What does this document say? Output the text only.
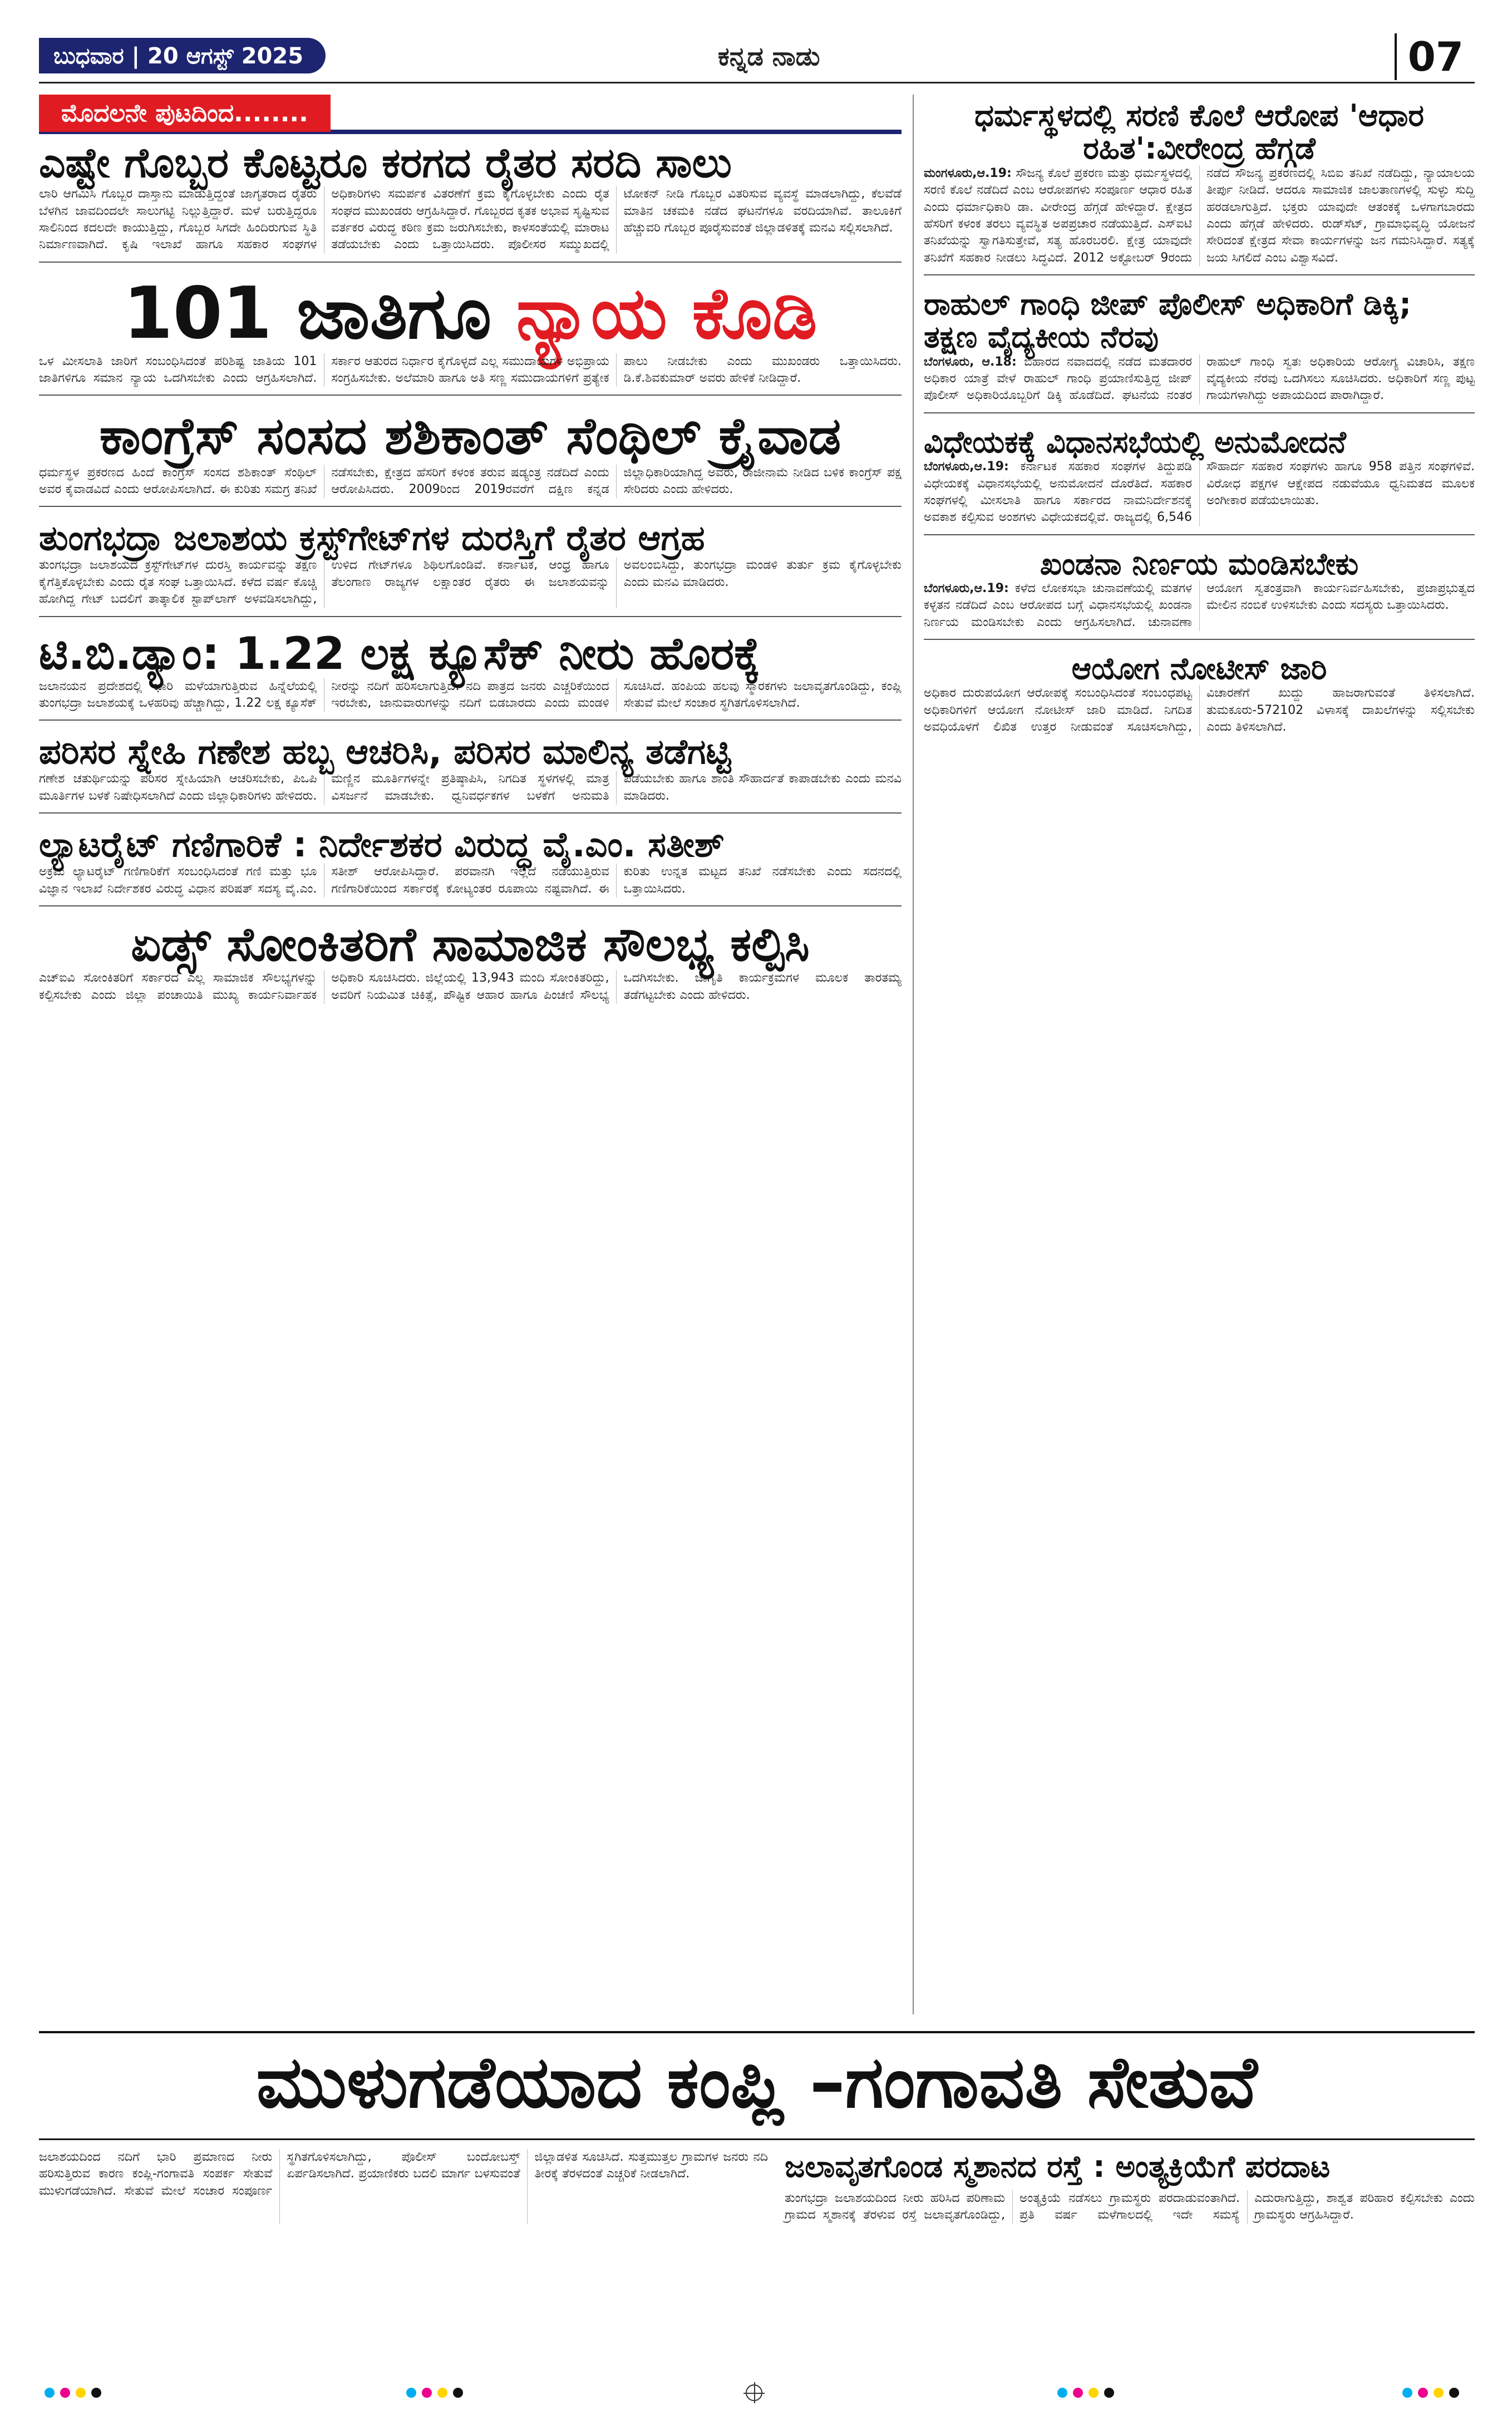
ಬುಧವಾರ | 20 ಆಗಸ್ಟ್ 2025	ಕನ್ನಡ ನಾಡು	07
ಮೊದಲನೇ ಪುಟದಿಂದ........
ಎಷ್ಟೇ ಗೊಬ್ಬರ ಕೊಟ್ಟರೂ ಕರಗದ ರೈತರ ಸರದಿ ಸಾಲು
ಲಾರಿ ಆಗಮಿಸಿ ಗೊಬ್ಬರ ದಾಸ್ತಾನು ಮಾಡುತ್ತಿದ್ದಂತೆ ಜಾಗೃತರಾದ ರೈತರು ಬೆಳಗಿನ ಜಾವದಿಂದಲೇ ಸಾಲುಗಟ್ಟಿ ನಿಲ್ಲುತ್ತಿದ್ದಾರೆ. ಮಳೆ ಬರುತ್ತಿದ್ದರೂ ಸಾಲಿನಿಂದ ಕದಲದೇ ಕಾಯುತ್ತಿದ್ದು, ಗೊಬ್ಬರ ಸಿಗದೇ ಹಿಂದಿರುಗುವ ಸ್ಥಿತಿ ನಿರ್ಮಾಣವಾಗಿದೆ. ಕೃಷಿ ಇಲಾಖೆ ಹಾಗೂ ಸಹಕಾರ ಸಂಘಗಳ ಅಧಿಕಾರಿಗಳು ಸಮರ್ಪಕ ವಿತರಣೆಗೆ ಕ್ರಮ ಕೈಗೊಳ್ಳಬೇಕು ಎಂದು ರೈತ ಸಂಘದ ಮುಖಂಡರು ಆಗ್ರಹಿಸಿದ್ದಾರೆ. ಗೊಬ್ಬರದ ಕೃತಕ ಅಭಾವ ಸೃಷ್ಟಿಸುವ ವರ್ತಕರ ವಿರುದ್ಧ ಕಠಿಣ ಕ್ರಮ ಜರುಗಿಸಬೇಕು, ಕಾಳಸಂತೆಯಲ್ಲಿ ಮಾರಾಟ ತಡೆಯಬೇಕು ಎಂದು ಒತ್ತಾಯಿಸಿದರು. ಪೊಲೀಸರ ಸಮ್ಮುಖದಲ್ಲಿ ಟೋಕನ್ ನೀಡಿ ಗೊಬ್ಬರ ವಿತರಿಸುವ ವ್ಯವಸ್ಥೆ ಮಾಡಲಾಗಿದ್ದು, ಕೆಲವೆಡೆ ಮಾತಿನ ಚಕಮಕಿ ನಡೆದ ಘಟನೆಗಳೂ ವರದಿಯಾಗಿವೆ. ತಾಲೂಕಿಗೆ ಹೆಚ್ಚುವರಿ ಗೊಬ್ಬರ ಪೂರೈಸುವಂತೆ ಜಿಲ್ಲಾಡಳಿತಕ್ಕೆ ಮನವಿ ಸಲ್ಲಿಸಲಾಗಿದೆ.
101 ಜಾತಿಗೂ ನ್ಯಾಯ ಕೊಡಿ
ಒಳ ಮೀಸಲಾತಿ ಜಾರಿಗೆ ಸಂಬಂಧಿಸಿದಂತೆ ಪರಿಶಿಷ್ಟ ಜಾತಿಯ 101 ಜಾತಿಗಳಿಗೂ ಸಮಾನ ನ್ಯಾಯ ಒದಗಿಸಬೇಕು ಎಂದು ಆಗ್ರಹಿಸಲಾಗಿದೆ. ಸರ್ಕಾರ ಆತುರದ ನಿರ್ಧಾರ ಕೈಗೊಳ್ಳದೆ ಎಲ್ಲ ಸಮುದಾಯಗಳ ಅಭಿಪ್ರಾಯ ಸಂಗ್ರಹಿಸಬೇಕು. ಅಲೆಮಾರಿ ಹಾಗೂ ಅತಿ ಸಣ್ಣ ಸಮುದಾಯಗಳಿಗೆ ಪ್ರತ್ಯೇಕ ಪಾಲು ನೀಡಬೇಕು ಎಂದು ಮುಖಂಡರು ಒತ್ತಾಯಿಸಿದರು. ಡಿ.ಕೆ.ಶಿವಕುಮಾರ್ ಅವರು ಹೇಳಿಕೆ ನೀಡಿದ್ದಾರೆ.
ಕಾಂಗ್ರೆಸ್ ಸಂಸದ ಶಶಿಕಾಂತ್ ಸೆಂಥಿಲ್ ಕ್ರೈವಾಡ
ಧರ್ಮಸ್ಥಳ ಪ್ರಕರಣದ ಹಿಂದೆ ಕಾಂಗ್ರೆಸ್ ಸಂಸದ ಶಶಿಕಾಂತ್ ಸೆಂಥಿಲ್ ಅವರ ಕೈವಾಡವಿದೆ ಎಂದು ಆರೋಪಿಸಲಾಗಿದೆ. ಈ ಕುರಿತು ಸಮಗ್ರ ತನಿಖೆ ನಡೆಸಬೇಕು, ಕ್ಷೇತ್ರದ ಹೆಸರಿಗೆ ಕಳಂಕ ತರುವ ಷಡ್ಯಂತ್ರ ನಡೆದಿದೆ ಎಂದು ಆರೋಪಿಸಿದರು. 2009ರಿಂದ 2019ರವರೆಗೆ ದಕ್ಷಿಣ ಕನ್ನಡ ಜಿಲ್ಲಾಧಿಕಾರಿಯಾಗಿದ್ದ ಅವರು, ರಾಜೀನಾಮೆ ನೀಡಿದ ಬಳಿಕ ಕಾಂಗ್ರೆಸ್ ಪಕ್ಷ ಸೇರಿದರು ಎಂದು ಹೇಳಿದರು.
ತುಂಗಭದ್ರಾ ಜಲಾಶಯ ಕ್ರಸ್ಟ್‌ಗೇಟ್‌ಗಳ ದುರಸ್ತಿಗೆ ರೈತರ ಆಗ್ರಹ
ತುಂಗಭದ್ರಾ ಜಲಾಶಯದ ಕ್ರಸ್ಟ್‌ಗೇಟ್‌ಗಳ ದುರಸ್ತಿ ಕಾರ್ಯವನ್ನು ತಕ್ಷಣ ಕೈಗೆತ್ತಿಕೊಳ್ಳಬೇಕು ಎಂದು ರೈತ ಸಂಘ ಒತ್ತಾಯಿಸಿದೆ. ಕಳೆದ ವರ್ಷ ಕೊಚ್ಚಿ ಹೋಗಿದ್ದ ಗೇಟ್ ಬದಲಿಗೆ ತಾತ್ಕಾಲಿಕ ಸ್ಟಾಪ್‌ಲಾಗ್ ಅಳವಡಿಸಲಾಗಿದ್ದು, ಉಳಿದ ಗೇಟ್‌ಗಳೂ ಶಿಥಿಲಗೊಂಡಿವೆ. ಕರ್ನಾಟಕ, ಆಂಧ್ರ ಹಾಗೂ ತೆಲಂಗಾಣ ರಾಜ್ಯಗಳ ಲಕ್ಷಾಂತರ ರೈತರು ಈ ಜಲಾಶಯವನ್ನು ಅವಲಂಬಿಸಿದ್ದು, ತುಂಗಭದ್ರಾ ಮಂಡಳಿ ತುರ್ತು ಕ್ರಮ ಕೈಗೊಳ್ಳಬೇಕು ಎಂದು ಮನವಿ ಮಾಡಿದರು.
ಟಿ.ಬಿ.ಡ್ಯಾಂ: 1.22 ಲಕ್ಷ ಕ್ಯೂಸೆಕ್ ನೀರು ಹೊರಕ್ಕೆ
ಜಲಾನಯನ ಪ್ರದೇಶದಲ್ಲಿ ಭಾರಿ ಮಳೆಯಾಗುತ್ತಿರುವ ಹಿನ್ನೆಲೆಯಲ್ಲಿ ತುಂಗಭದ್ರಾ ಜಲಾಶಯಕ್ಕೆ ಒಳಹರಿವು ಹೆಚ್ಚಾಗಿದ್ದು, 1.22 ಲಕ್ಷ ಕ್ಯೂಸೆಕ್ ನೀರನ್ನು ನದಿಗೆ ಹರಿಸಲಾಗುತ್ತಿದೆ. ನದಿ ಪಾತ್ರದ ಜನರು ಎಚ್ಚರಿಕೆಯಿಂದ ಇರಬೇಕು, ಜಾನುವಾರುಗಳನ್ನು ನದಿಗೆ ಬಿಡಬಾರದು ಎಂದು ಮಂಡಳಿ ಸೂಚಿಸಿದೆ. ಹಂಪಿಯ ಹಲವು ಸ್ಮಾರಕಗಳು ಜಲಾವೃತಗೊಂಡಿದ್ದು, ಕಂಪ್ಲಿ ಸೇತುವೆ ಮೇಲೆ ಸಂಚಾರ ಸ್ಥಗಿತಗೊಳಿಸಲಾಗಿದೆ.
ಪರಿಸರ ಸ್ನೇಹಿ ಗಣೇಶ ಹಬ್ಬ ಆಚರಿಸಿ, ಪರಿಸರ ಮಾಲಿನ್ಯ ತಡೆಗಟ್ಟಿ
ಗಣೇಶ ಚತುರ್ಥಿಯನ್ನು ಪರಿಸರ ಸ್ನೇಹಿಯಾಗಿ ಆಚರಿಸಬೇಕು, ಪಿಒಪಿ ಮೂರ್ತಿಗಳ ಬಳಕೆ ನಿಷೇಧಿಸಲಾಗಿದೆ ಎಂದು ಜಿಲ್ಲಾಧಿಕಾರಿಗಳು ಹೇಳಿದರು. ಮಣ್ಣಿನ ಮೂರ್ತಿಗಳನ್ನೇ ಪ್ರತಿಷ್ಠಾಪಿಸಿ, ನಿಗದಿತ ಸ್ಥಳಗಳಲ್ಲಿ ಮಾತ್ರ ವಿಸರ್ಜನೆ ಮಾಡಬೇಕು. ಧ್ವನಿವರ್ಧಕಗಳ ಬಳಕೆಗೆ ಅನುಮತಿ ಪಡೆಯಬೇಕು ಹಾಗೂ ಶಾಂತಿ ಸೌಹಾರ್ದತೆ ಕಾಪಾಡಬೇಕು ಎಂದು ಮನವಿ ಮಾಡಿದರು.
ಲ್ಯಾಟರೈಟ್ ಗಣಿಗಾರಿಕೆ : ನಿರ್ದೇಶಕರ ವಿರುದ್ಧ ವೈ.ಎಂ. ಸತೀಶ್
ಅಕ್ರಮ ಲ್ಯಾಟರೈಟ್ ಗಣಿಗಾರಿಕೆಗೆ ಸಂಬಂಧಿಸಿದಂತೆ ಗಣಿ ಮತ್ತು ಭೂ ವಿಜ್ಞಾನ ಇಲಾಖೆ ನಿರ್ದೇಶಕರ ವಿರುದ್ಧ ವಿಧಾನ ಪರಿಷತ್ ಸದಸ್ಯ ವೈ.ಎಂ. ಸತೀಶ್ ಆರೋಪಿಸಿದ್ದಾರೆ. ಪರವಾನಗಿ ಇಲ್ಲದೆ ನಡೆಯುತ್ತಿರುವ ಗಣಿಗಾರಿಕೆಯಿಂದ ಸರ್ಕಾರಕ್ಕೆ ಕೋಟ್ಯಂತರ ರೂಪಾಯಿ ನಷ್ಟವಾಗಿದೆ. ಈ ಕುರಿತು ಉನ್ನತ ಮಟ್ಟದ ತನಿಖೆ ನಡೆಸಬೇಕು ಎಂದು ಸದನದಲ್ಲಿ ಒತ್ತಾಯಿಸಿದರು.
ಏಡ್ಸ್ ಸೋಂಕಿತರಿಗೆ ಸಾಮಾಜಿಕ ಸೌಲಭ್ಯ ಕಲ್ಪಿಸಿ
ಎಚ್‌ಐವಿ ಸೋಂಕಿತರಿಗೆ ಸರ್ಕಾರದ ಎಲ್ಲ ಸಾಮಾಜಿಕ ಸೌಲಭ್ಯಗಳನ್ನು ಕಲ್ಪಿಸಬೇಕು ಎಂದು ಜಿಲ್ಲಾ ಪಂಚಾಯಿತಿ ಮುಖ್ಯ ಕಾರ್ಯನಿರ್ವಾಹಕ ಅಧಿಕಾರಿ ಸೂಚಿಸಿದರು. ಜಿಲ್ಲೆಯಲ್ಲಿ 13,943 ಮಂದಿ ಸೋಂಕಿತರಿದ್ದು, ಅವರಿಗೆ ನಿಯಮಿತ ಚಿಕಿತ್ಸೆ, ಪೌಷ್ಟಿಕ ಆಹಾರ ಹಾಗೂ ಪಿಂಚಣಿ ಸೌಲಭ್ಯ ಒದಗಿಸಬೇಕು. ಜಾಗೃತಿ ಕಾರ್ಯಕ್ರಮಗಳ ಮೂಲಕ ತಾರತಮ್ಯ ತಡೆಗಟ್ಟಬೇಕು ಎಂದು ಹೇಳಿದರು.
ಧರ್ಮಸ್ಥಳದಲ್ಲಿ ಸರಣಿ ಕೊಲೆ ಆರೋಪ 'ಆಧಾರ ರಹಿತ':ವೀರೇಂದ್ರ ಹೆಗ್ಗಡೆ
ಮಂಗಳೂರು,ಆ.19: ಸೌಜನ್ಯ ಕೊಲೆ ಪ್ರಕರಣ ಮತ್ತು ಧರ್ಮಸ್ಥಳದಲ್ಲಿ ಸರಣಿ ಕೊಲೆ ನಡೆದಿದೆ ಎಂಬ ಆರೋಪಗಳು ಸಂಪೂರ್ಣ ಆಧಾರ ರಹಿತ ಎಂದು ಧರ್ಮಾಧಿಕಾರಿ ಡಾ. ವೀರೇಂದ್ರ ಹೆಗ್ಗಡೆ ಹೇಳಿದ್ದಾರೆ. ಕ್ಷೇತ್ರದ ಹೆಸರಿಗೆ ಕಳಂಕ ತರಲು ವ್ಯವಸ್ಥಿತ ಅಪಪ್ರಚಾರ ನಡೆಯುತ್ತಿದೆ. ಎಸ್‌ಐಟಿ ತನಿಖೆಯನ್ನು ಸ್ವಾಗತಿಸುತ್ತೇವೆ, ಸತ್ಯ ಹೊರಬರಲಿ. ಕ್ಷೇತ್ರ ಯಾವುದೇ ತನಿಖೆಗೆ ಸಹಕಾರ ನೀಡಲು ಸಿದ್ಧವಿದೆ. 2012 ಅಕ್ಟೋಬರ್ 9ರಂದು ನಡೆದ ಸೌಜನ್ಯ ಪ್ರಕರಣದಲ್ಲಿ ಸಿಬಿಐ ತನಿಖೆ ನಡೆದಿದ್ದು, ನ್ಯಾಯಾಲಯ ತೀರ್ಪು ನೀಡಿದೆ. ಆದರೂ ಸಾಮಾಜಿಕ ಜಾಲತಾಣಗಳಲ್ಲಿ ಸುಳ್ಳು ಸುದ್ದಿ ಹರಡಲಾಗುತ್ತಿದೆ. ಭಕ್ತರು ಯಾವುದೇ ಆತಂಕಕ್ಕೆ ಒಳಗಾಗಬಾರದು ಎಂದು ಹೆಗ್ಗಡೆ ಹೇಳಿದರು. ರುಡ್‌ಸೆಟ್, ಗ್ರಾಮಾಭಿವೃದ್ಧಿ ಯೋಜನೆ ಸೇರಿದಂತೆ ಕ್ಷೇತ್ರದ ಸೇವಾ ಕಾರ್ಯಗಳನ್ನು ಜನ ಗಮನಿಸಿದ್ದಾರೆ. ಸತ್ಯಕ್ಕೆ ಜಯ ಸಿಗಲಿದೆ ಎಂಬ ವಿಶ್ವಾಸವಿದೆ.
ರಾಹುಲ್ ಗಾಂಧಿ ಜೀಪ್ ಪೊಲೀಸ್ ಅಧಿಕಾರಿಗೆ ಡಿಕ್ಕಿ; ತಕ್ಷಣ ವೈದ್ಯಕೀಯ ನೆರವು
ಬೆಂಗಳೂರು, ಆ.18: ಬಿಹಾರದ ನವಾದದಲ್ಲಿ ನಡೆದ ಮತದಾರರ ಅಧಿಕಾರ ಯಾತ್ರೆ ವೇಳೆ ರಾಹುಲ್ ಗಾಂಧಿ ಪ್ರಯಾಣಿಸುತ್ತಿದ್ದ ಜೀಪ್ ಪೊಲೀಸ್ ಅಧಿಕಾರಿಯೊಬ್ಬರಿಗೆ ಡಿಕ್ಕಿ ಹೊಡೆದಿದೆ. ಘಟನೆಯ ನಂತರ ರಾಹುಲ್ ಗಾಂಧಿ ಸ್ವತಃ ಅಧಿಕಾರಿಯ ಆರೋಗ್ಯ ವಿಚಾರಿಸಿ, ತಕ್ಷಣ ವೈದ್ಯಕೀಯ ನೆರವು ಒದಗಿಸಲು ಸೂಚಿಸಿದರು. ಅಧಿಕಾರಿಗೆ ಸಣ್ಣ ಪುಟ್ಟ ಗಾಯಗಳಾಗಿದ್ದು ಅಪಾಯದಿಂದ ಪಾರಾಗಿದ್ದಾರೆ.
ವಿಧೇಯಕಕ್ಕೆ ವಿಧಾನಸಭೆಯಲ್ಲಿ ಅನುಮೋದನೆ
ಬೆಂಗಳೂರು,ಆ.19: ಕರ್ನಾಟಕ ಸಹಕಾರ ಸಂಘಗಳ ತಿದ್ದುಪಡಿ ವಿಧೇಯಕಕ್ಕೆ ವಿಧಾನಸಭೆಯಲ್ಲಿ ಅನುಮೋದನೆ ದೊರೆತಿದೆ. ಸಹಕಾರ ಸಂಘಗಳಲ್ಲಿ ಮೀಸಲಾತಿ ಹಾಗೂ ಸರ್ಕಾರದ ನಾಮನಿರ್ದೇಶನಕ್ಕೆ ಅವಕಾಶ ಕಲ್ಪಿಸುವ ಅಂಶಗಳು ವಿಧೇಯಕದಲ್ಲಿವೆ. ರಾಜ್ಯದಲ್ಲಿ 6,546 ಸೌಹಾರ್ದ ಸಹಕಾರ ಸಂಘಗಳು ಹಾಗೂ 958 ಪತ್ತಿನ ಸಂಘಗಳಿವೆ. ವಿರೋಧ ಪಕ್ಷಗಳ ಆಕ್ಷೇಪದ ನಡುವೆಯೂ ಧ್ವನಿಮತದ ಮೂಲಕ ಅಂಗೀಕಾರ ಪಡೆಯಲಾಯಿತು.
ಖಂಡನಾ ನಿರ್ಣಯ ಮಂಡಿಸಬೇಕು
ಬೆಂಗಳೂರು,ಆ.19: ಕಳೆದ ಲೋಕಸಭಾ ಚುನಾವಣೆಯಲ್ಲಿ ಮತಗಳ ಕಳ್ಳತನ ನಡೆದಿದೆ ಎಂಬ ಆರೋಪದ ಬಗ್ಗೆ ವಿಧಾನಸಭೆಯಲ್ಲಿ ಖಂಡನಾ ನಿರ್ಣಯ ಮಂಡಿಸಬೇಕು ಎಂದು ಆಗ್ರಹಿಸಲಾಗಿದೆ. ಚುನಾವಣಾ ಆಯೋಗ ಸ್ವತಂತ್ರವಾಗಿ ಕಾರ್ಯನಿರ್ವಹಿಸಬೇಕು, ಪ್ರಜಾಪ್ರಭುತ್ವದ ಮೇಲಿನ ನಂಬಿಕೆ ಉಳಿಸಬೇಕು ಎಂದು ಸದಸ್ಯರು ಒತ್ತಾಯಿಸಿದರು.
ಆಯೋಗ ನೋಟೀಸ್ ಜಾರಿ
ಅಧಿಕಾರ ದುರುಪಯೋಗ ಆರೋಪಕ್ಕೆ ಸಂಬಂಧಿಸಿದಂತೆ ಸಂಬಂಧಪಟ್ಟ ಅಧಿಕಾರಿಗಳಿಗೆ ಆಯೋಗ ನೋಟೀಸ್ ಜಾರಿ ಮಾಡಿದೆ. ನಿಗದಿತ ಅವಧಿಯೊಳಗೆ ಲಿಖಿತ ಉತ್ತರ ನೀಡುವಂತೆ ಸೂಚಿಸಲಾಗಿದ್ದು, ವಿಚಾರಣೆಗೆ ಖುದ್ದು ಹಾಜರಾಗುವಂತೆ ತಿಳಿಸಲಾಗಿದೆ. ತುಮಕೂರು-572102 ವಿಳಾಸಕ್ಕೆ ದಾಖಲೆಗಳನ್ನು ಸಲ್ಲಿಸಬೇಕು ಎಂದು ತಿಳಿಸಲಾಗಿದೆ.
ಮುಳುಗಡೆಯಾದ ಕಂಪ್ಲಿ –ಗಂಗಾವತಿ ಸೇತುವೆ
ಜಲಾಶಯದಿಂದ ನದಿಗೆ ಭಾರಿ ಪ್ರಮಾಣದ ನೀರು ಹರಿಸುತ್ತಿರುವ ಕಾರಣ ಕಂಪ್ಲಿ-ಗಂಗಾವತಿ ಸಂಪರ್ಕ ಸೇತುವೆ ಮುಳುಗಡೆಯಾಗಿದೆ. ಸೇತುವೆ ಮೇಲೆ ಸಂಚಾರ ಸಂಪೂರ್ಣ ಸ್ಥಗಿತಗೊಳಿಸಲಾಗಿದ್ದು, ಪೊಲೀಸ್ ಬಂದೋಬಸ್ತ್ ಏರ್ಪಡಿಸಲಾಗಿದೆ. ಪ್ರಯಾಣಿಕರು ಬದಲಿ ಮಾರ್ಗ ಬಳಸುವಂತೆ ಜಿಲ್ಲಾಡಳಿತ ಸೂಚಿಸಿದೆ. ಸುತ್ತಮುತ್ತಲ ಗ್ರಾಮಗಳ ಜನರು ನದಿ ತೀರಕ್ಕೆ ತೆರಳದಂತೆ ಎಚ್ಚರಿಕೆ ನೀಡಲಾಗಿದೆ.	ಜಲಾವೃತಗೊಂಡ ಸ್ಮಶಾನದ ರಸ್ತೆ : ಅಂತ್ಯಕ್ರಿಯೆಗೆ ಪರದಾಟ
ತುಂಗಭದ್ರಾ ಜಲಾಶಯದಿಂದ ನೀರು ಹರಿಸಿದ ಪರಿಣಾಮ ಗ್ರಾಮದ ಸ್ಮಶಾನಕ್ಕೆ ತೆರಳುವ ರಸ್ತೆ ಜಲಾವೃತಗೊಂಡಿದ್ದು, ಅಂತ್ಯಕ್ರಿಯೆ ನಡೆಸಲು ಗ್ರಾಮಸ್ಥರು ಪರದಾಡುವಂತಾಗಿದೆ. ಪ್ರತಿ ವರ್ಷ ಮಳೆಗಾಲದಲ್ಲಿ ಇದೇ ಸಮಸ್ಯೆ ಎದುರಾಗುತ್ತಿದ್ದು, ಶಾಶ್ವತ ಪರಿಹಾರ ಕಲ್ಪಿಸಬೇಕು ಎಂದು ಗ್ರಾಮಸ್ಥರು ಆಗ್ರಹಿಸಿದ್ದಾರೆ.
